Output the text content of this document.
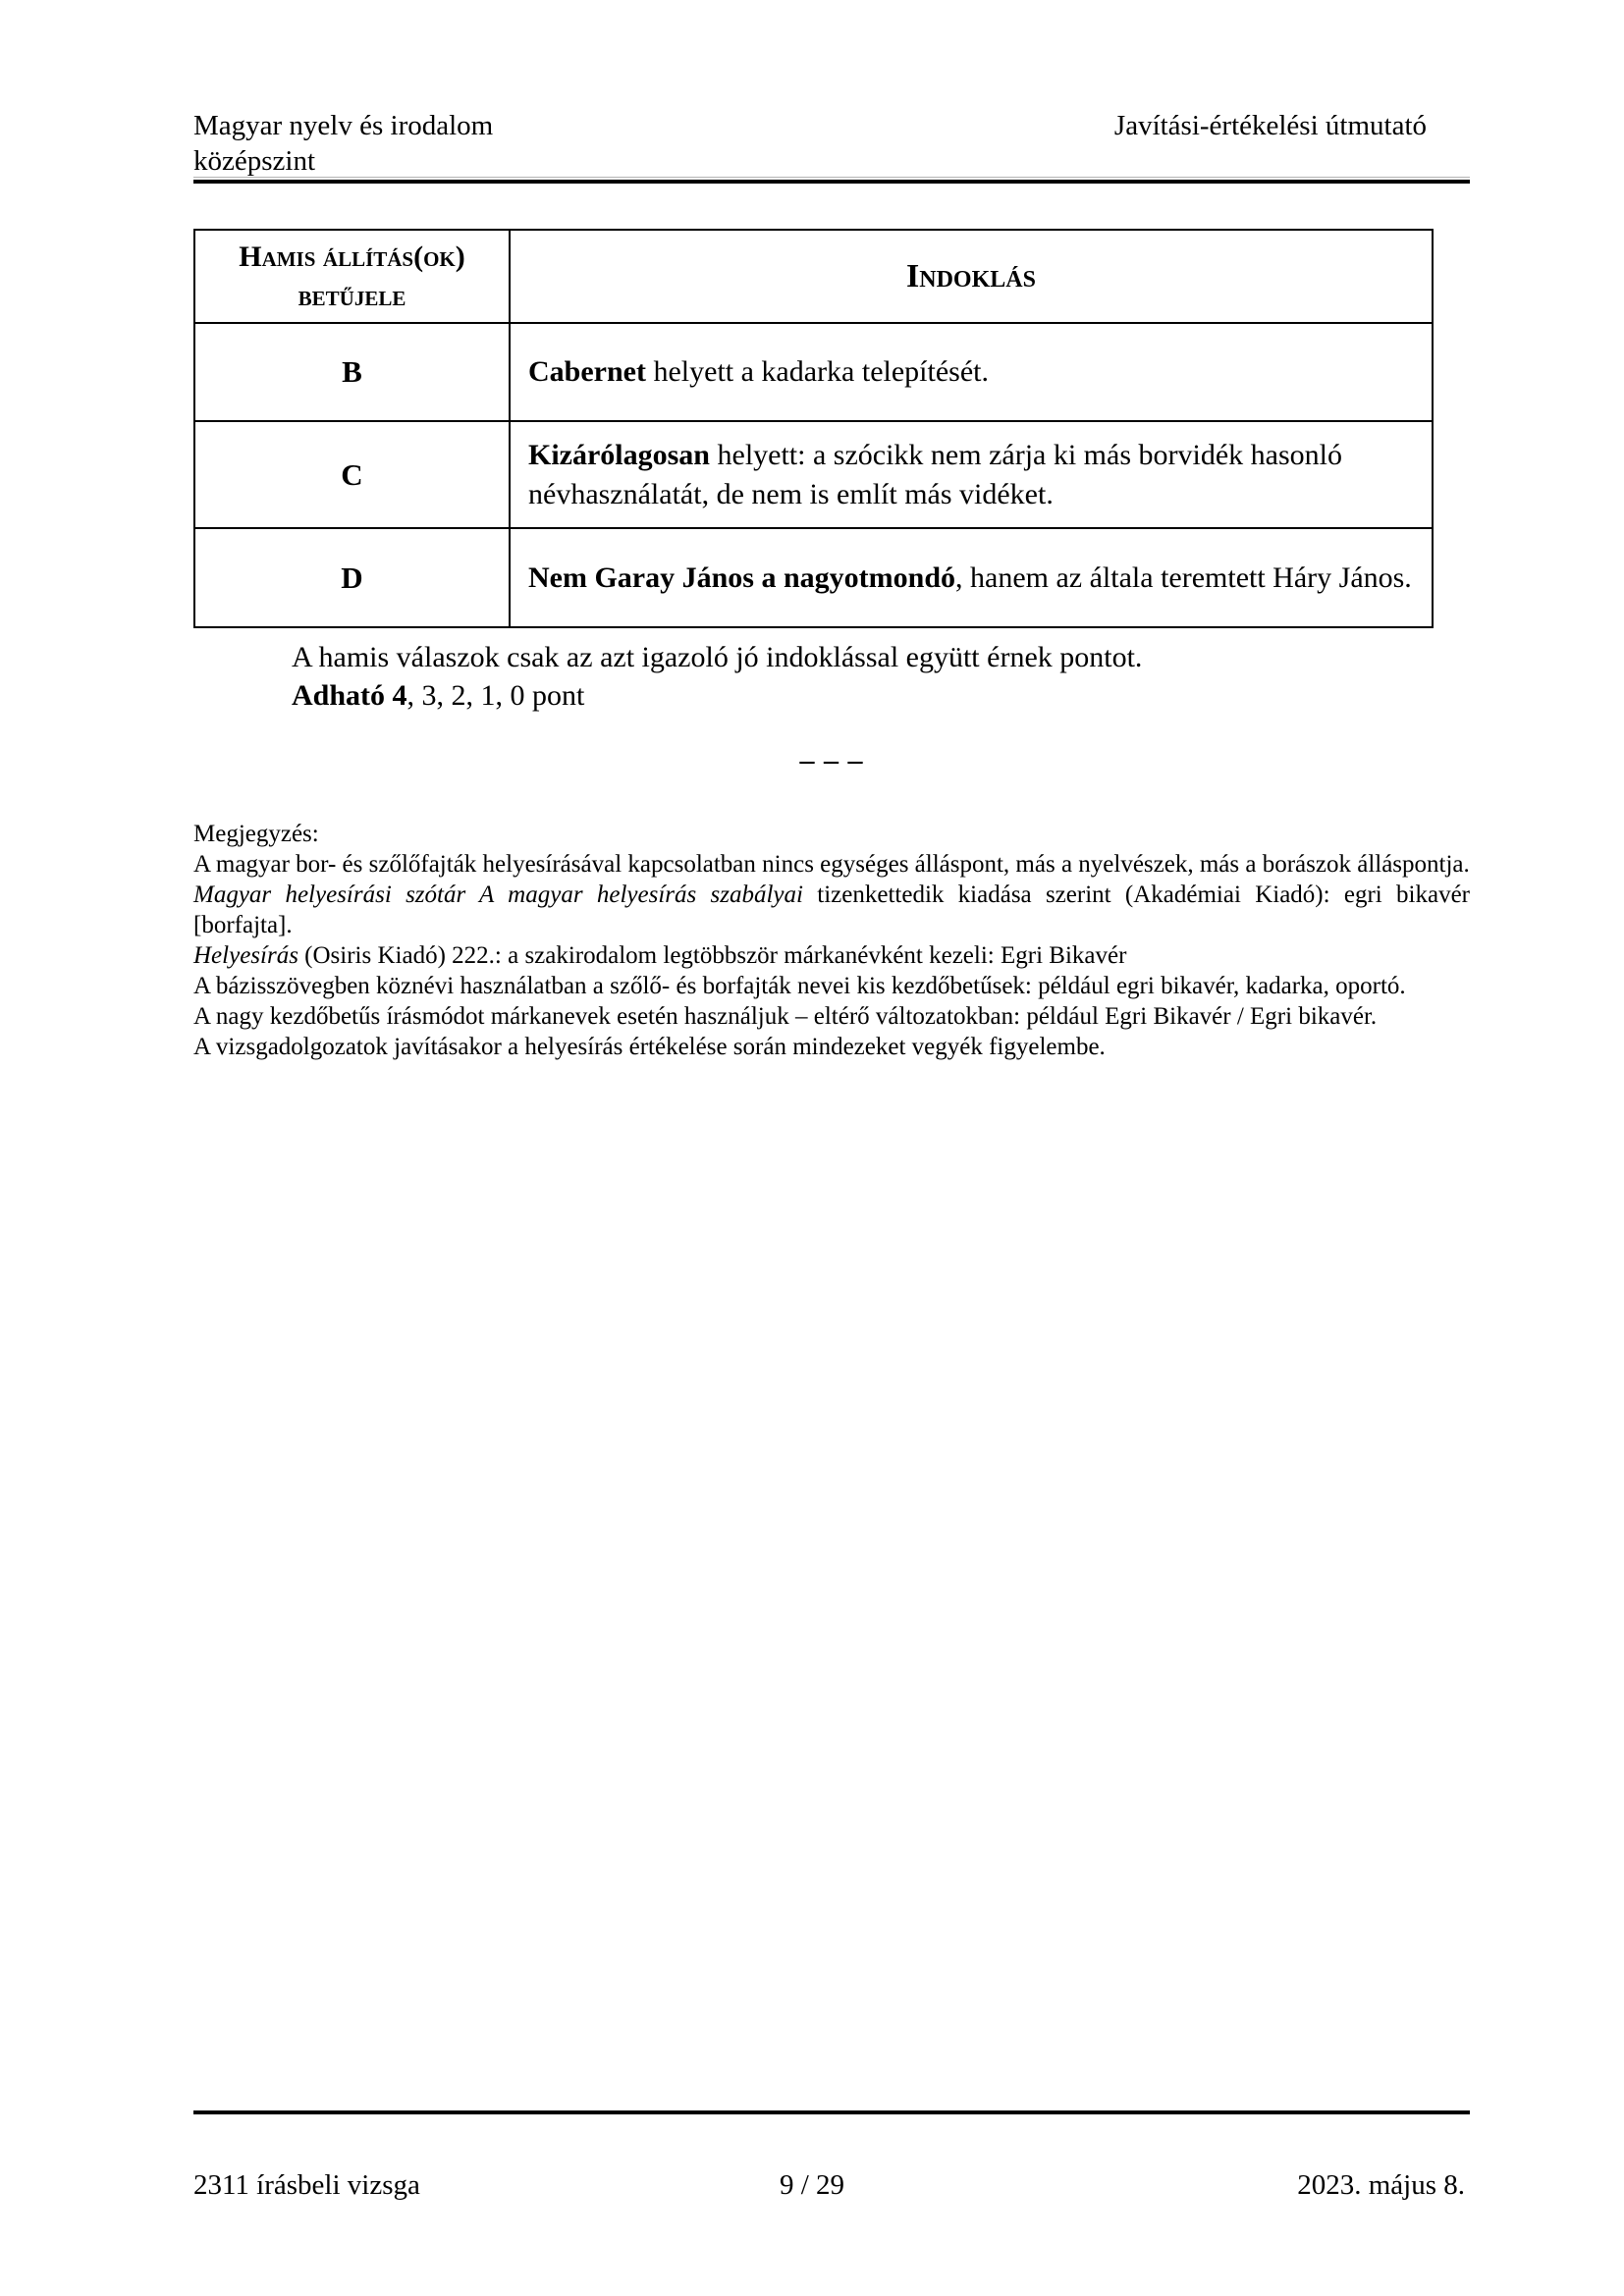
Magyar nyelv és irodalom
középszint
Javítási-értékelési útmutató
Hamis állítás(ok)
betűjele	Indoklás
B	Cabernet helyett a kadarka telepítését.
C	Kizárólagosan helyett: a szócikk nem zárja ki más borvidék hasonló névhasználatát, de nem is említ más vidéket.
D	Nem Garay János a nagyotmondó, hanem az általa teremtett Háry János.
A hamis válaszok csak az azt igazoló jó indoklással együtt érnek pontot.
Adható 4, 3, 2, 1, 0 pont
– – –

Megjegyzés:

A magyar bor- és szőlőfajták helyesírásával kapcsolatban nincs egységes álláspont, más a nyelvészek, más a borászok álláspontja.

Magyar helyesírási szótár A magyar helyesírás szabályai tizenkettedik kiadása szerint (Akadémiai Kiadó): egri bikavér [borfajta].

Helyesírás (Osiris Kiadó) 222.: a szakirodalom legtöbbször márkanévként kezeli: Egri Bikavér

A bázisszövegben köznévi használatban a szőlő- és borfajták nevei kis kezdőbetűsek: például egri bikavér, kadarka, oportó.

A nagy kezdőbetűs írásmódot márkanevek esetén használjuk – eltérő változatokban: például Egri Bikavér / Egri bikavér.

A vizsgadolgozatok javításakor a helyesírás értékelése során mindezeket vegyék figyelembe.

2311 írásbeli vizsga	9 / 29	2023. május 8.
